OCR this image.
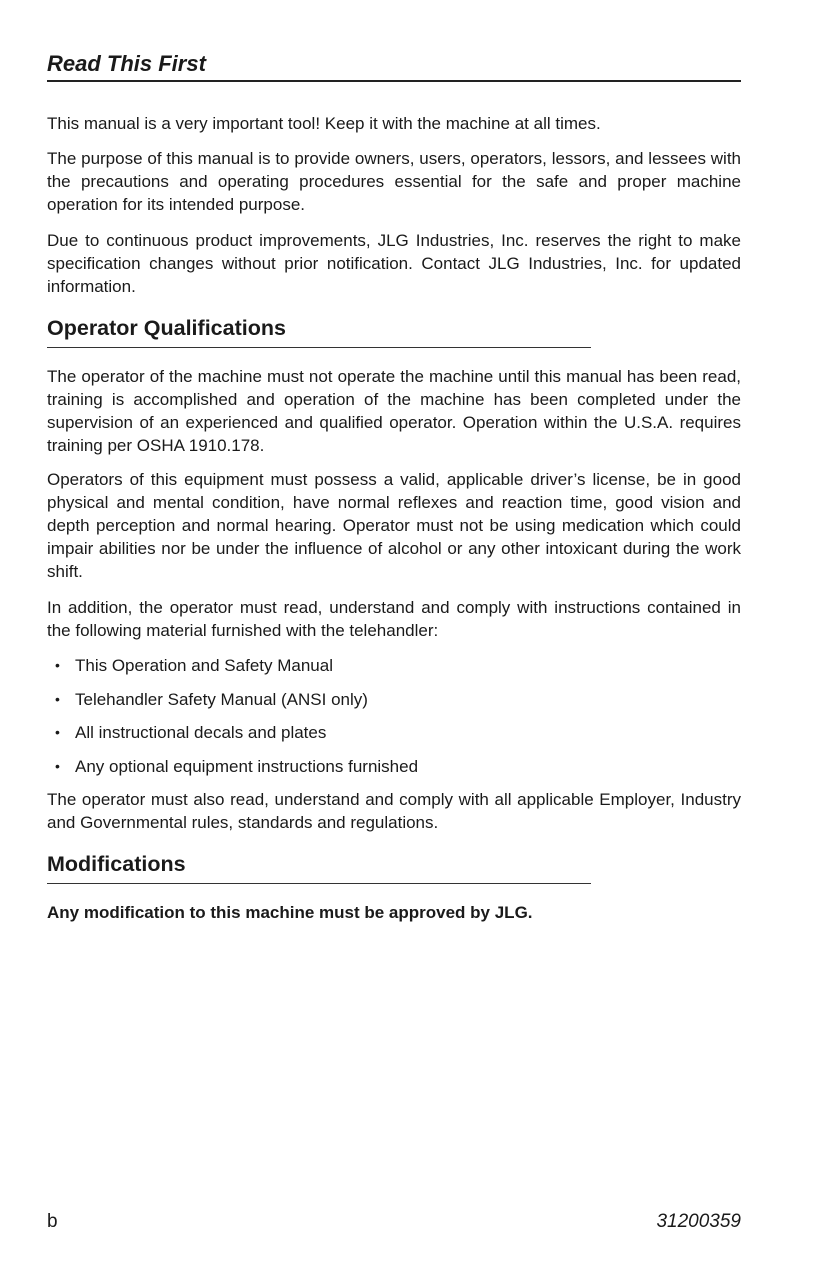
Read This First

This manual is a very important tool! Keep it with the machine at all times.

The purpose of this manual is to provide owners, users, operators, lessors, and lessees with the precautions and operating procedures essential for the safe and proper machine operation for its intended purpose.

Due to continuous product improvements, JLG Industries, Inc. reserves the right to make specification changes without prior notification. Contact JLG Industries, Inc. for updated information.

Operator Qualifications

The operator of the machine must not operate the machine until this manual has been read, training is accomplished and operation of the machine has been completed under the supervision of an experienced and qualified operator. Operation within the U.S.A. requires training per OSHA 1910.178.

Operators of this equipment must possess a valid, applicable driver’s license, be in good physical and mental condition, have normal reflexes and reaction time, good vision and depth perception and normal hearing. Operator must not be using medication which could impair abilities nor be under the influence of alcohol or any other intoxicant during the work shift.

In addition, the operator must read, understand and comply with instructions contained in the following material furnished with the telehandler:

• This Operation and Safety Manual
• Telehandler Safety Manual (ANSI only)
• All instructional decals and plates
• Any optional equipment instructions furnished

The operator must also read, understand and comply with all applicable Employer, Industry and Governmental rules, standards and regulations.

Modifications

Any modification to this machine must be approved by JLG.

b	31200359
